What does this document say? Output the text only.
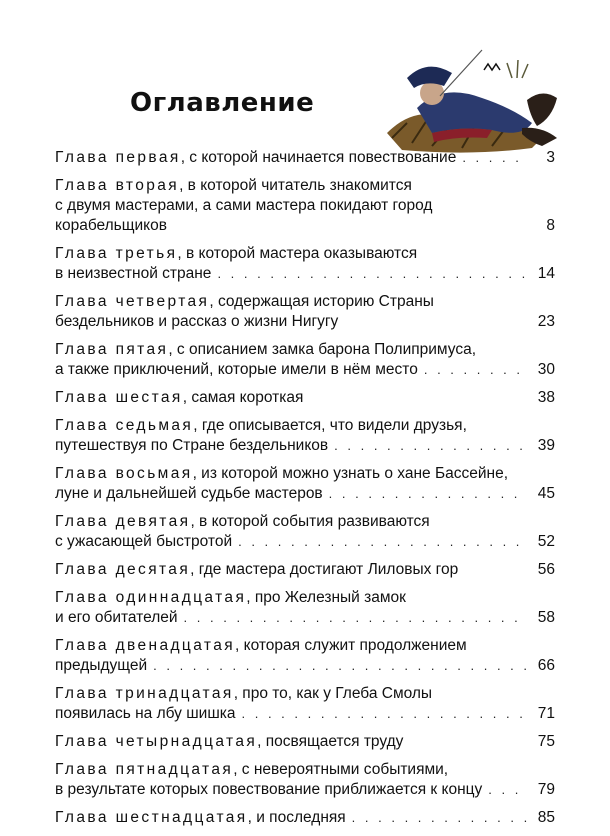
Оглавление
Глава первая , с которой начинается повествование . . .	3
Глава вторая , в которой читатель знакомится
с двумя мастерами, а сами мастера покидают город
корабельщиков	8
Глава третья , в которой мастера оказываются
в неизвестной стране . . .	14
Глава четвертая , содержащая историю Страны
бездельников и рассказ о жизни Нигугу	23
Глава пятая , с описанием замка барона Полипримуса,
а также приключений, которые имели в нём место . . .	30
Глава шестая , самая короткая	38
Глава седьмая , где описывается, что видели друзья,
путешествуя по Стране бездельников . . .	39
Глава восьмая , из которой можно узнать о хане Бассейне,
луне и дальнейшей судьбе мастеров . . .	45
Глава девятая , в которой события развиваются
с ужасающей быстротой . . .	52
Глава десятая , где мастера достигают Лиловых гор	56
Глава одиннадцатая , про Железный замок
и его обитателей . . .	58
Глава двенадцатая , которая служит продолжением
предыдущей . . .	66
Глава тринадцатая , про то, как у Глеба Смолы
появилась на лбу шишка . . .	71
Глава четырнадцатая , посвящается труду	75
Глава пятнадцатая , с невероятными событиями,
в результате которых повествование приближается к концу . . .	79
Глава шестнадцатая , и последняя . . .	85
